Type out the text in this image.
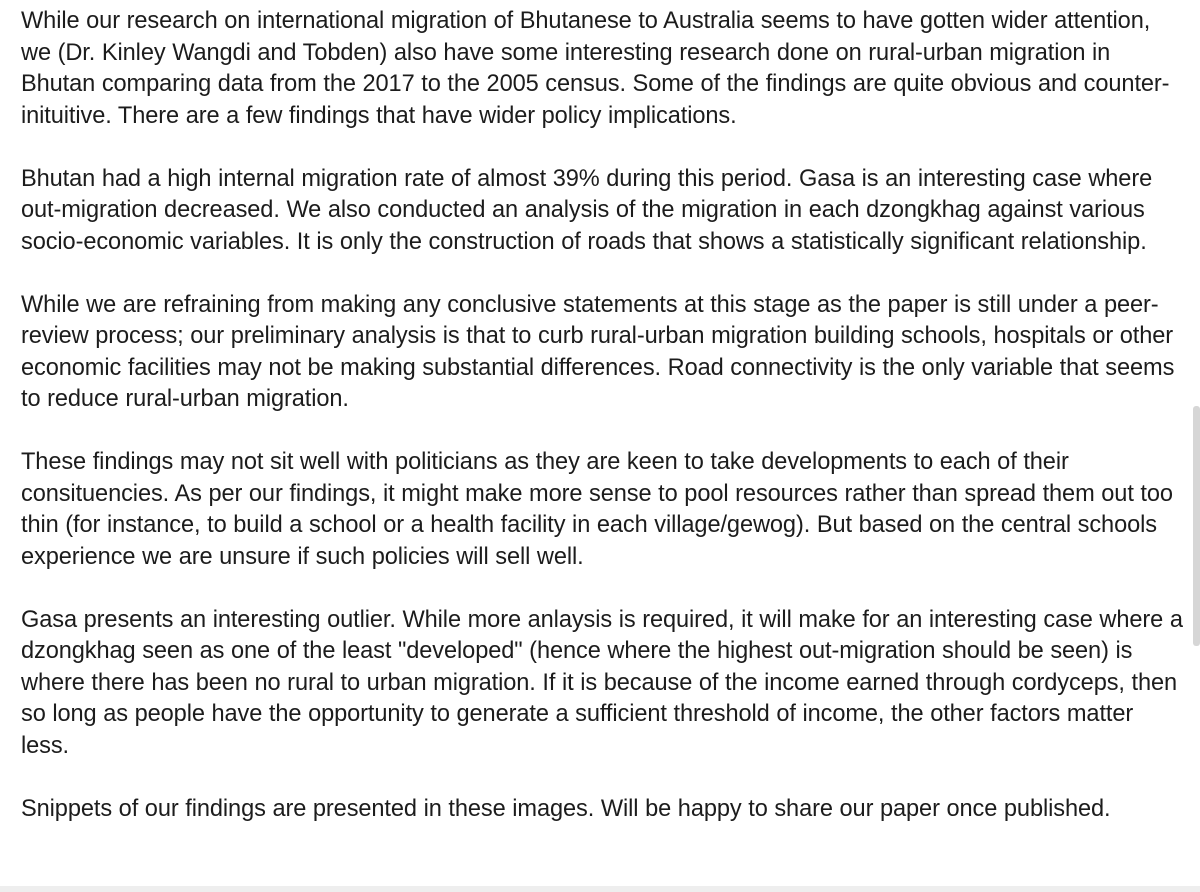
While our research on international migration of Bhutanese to Australia seems to have gotten wider attention, we (Dr. Kinley Wangdi and Tobden) also have some interesting research done on rural-urban migration in Bhutan comparing data from the 2017 to the 2005 census. Some of the findings are quite obvious and counter-inituitive. There are a few findings that have wider policy implications.

Bhutan had a high internal migration rate of almost 39% during this period. Gasa is an interesting case where out-migration decreased. We also conducted an analysis of the migration in each dzongkhag against various socio-economic variables. It is only the construction of roads that shows a statistically significant relationship.

While we are refraining from making any conclusive statements at this stage as the paper is still under a peer-review process; our preliminary analysis is that to curb rural-urban migration building schools, hospitals or other economic facilities may not be making substantial differences. Road connectivity is the only variable that seems to reduce rural-urban migration.

These findings may not sit well with politicians as they are keen to take developments to each of their consituencies. As per our findings, it might make more sense to pool resources rather than spread them out too thin (for instance, to build a school or a health facility in each village/gewog). But based on the central schools experience we are unsure if such policies will sell well.

Gasa presents an interesting outlier. While more anlaysis is required, it will make for an interesting case where a dzongkhag seen as one of the least "developed" (hence where the highest out-migration should be seen) is where there has been no rural to urban migration. If it is because of the income earned through cordyceps, then so long as people have the opportunity to generate a sufficient threshold of income, the other factors matter less.

Snippets of our findings are presented in these images. Will be happy to share our paper once published.
